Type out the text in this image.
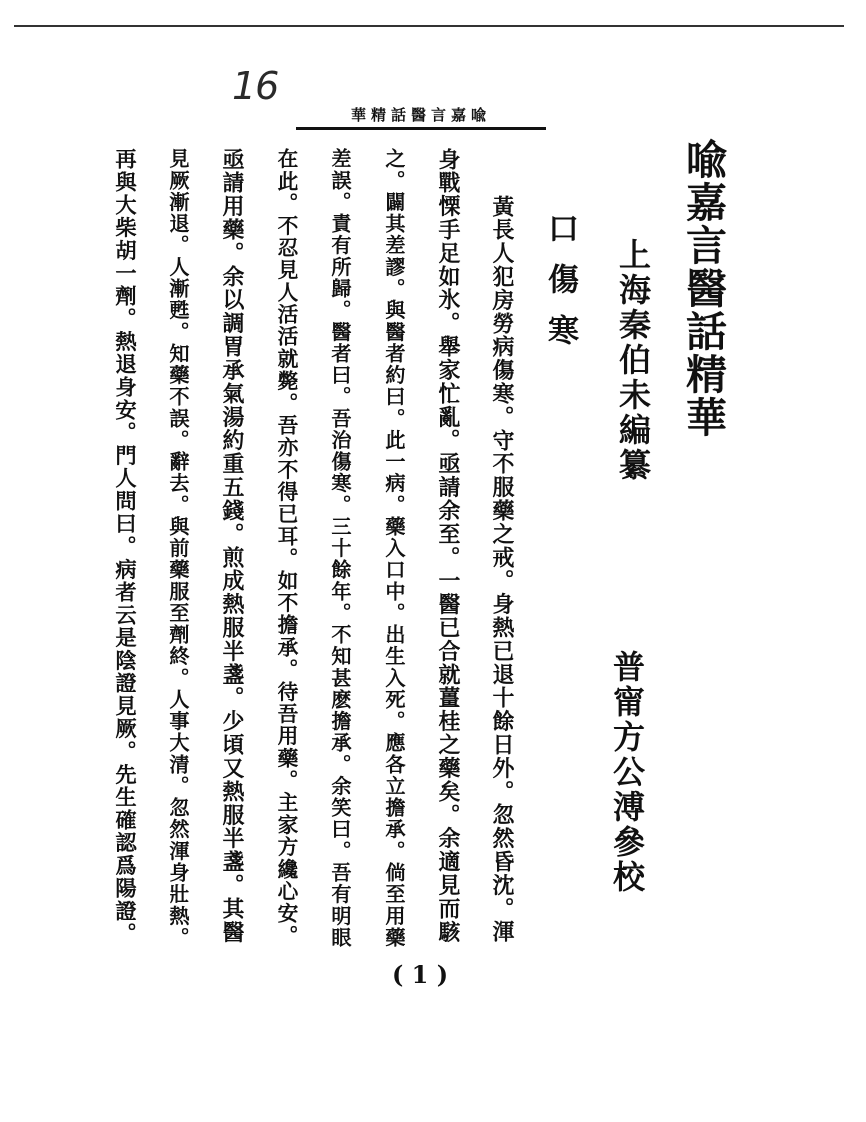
16
喩嘉言醫話精華
喩嘉言醫話精華
上海秦伯未編纂
普甯方公溥參校
口傷寒
黃長人犯房勞病傷寒。守不服藥之戒。身熱已退十餘日外。忽然昏沈。渾
身戰慄手足如氷。舉家忙亂。亟請余至。一醫已合就薑桂之藥矣。余適見而駭
之。闢其差謬。與醫者約曰。此一病。藥入口中。出生入死。應各立擔承。倘至用藥
差誤。責有所歸。醫者曰。吾治傷寒。三十餘年。不知甚麽擔承。余笑曰。吾有明眼
在此。不忍見人活活就斃。吾亦不得已耳。如不擔承。待吾用藥。主家方纔心安。
亟請用藥。余以調胃承氣湯約重五錢。煎成熱服半盞。少頃又熱服半盞。其醫
見厥漸退。人漸甦。知藥不誤。辭去。與前藥服至劑終。人事大清。忽然渾身壯熱。
再與大柴胡一劑。熱退身安。門人問曰。病者云是陰證見厥。先生確認爲陽證。
( 1 )
